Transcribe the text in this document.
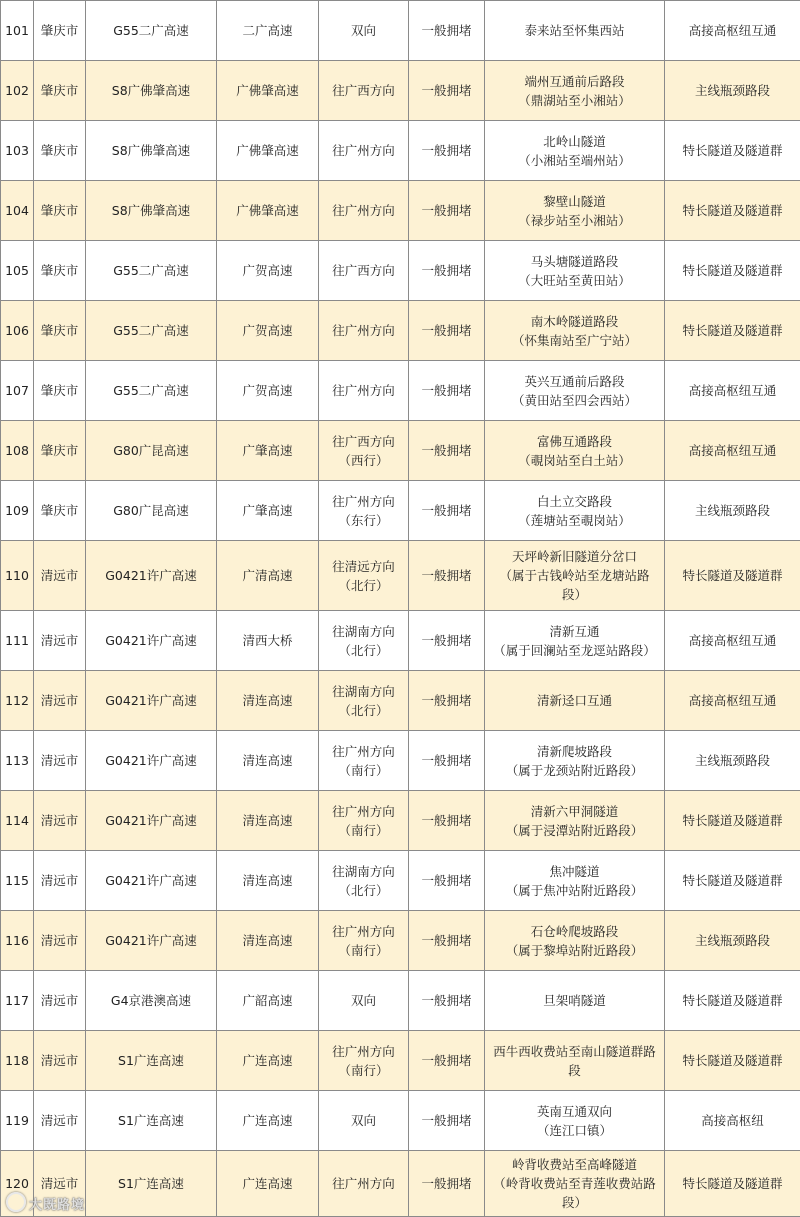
101	肇庆市	G55二广高速	二广高速	双向	一般拥堵	泰来站至怀集西站	高接高枢纽互通
102	肇庆市	S8广佛肇高速	广佛肇高速	往广西方向	一般拥堵	端州互通前后路段
（鼎湖站至小湘站）	主线瓶颈路段
103	肇庆市	S8广佛肇高速	广佛肇高速	往广州方向	一般拥堵	北岭山隧道
（小湘站至端州站）	特长隧道及隧道群
104	肇庆市	S8广佛肇高速	广佛肇高速	往广州方向	一般拥堵	黎壁山隧道
（禄步站至小湘站）	特长隧道及隧道群
105	肇庆市	G55二广高速	广贺高速	往广西方向	一般拥堵	马头塘隧道路段
（大旺站至黄田站）	特长隧道及隧道群
106	肇庆市	G55二广高速	广贺高速	往广州方向	一般拥堵	南木岭隧道路段
（怀集南站至广宁站）	特长隧道及隧道群
107	肇庆市	G55二广高速	广贺高速	往广州方向	一般拥堵	英兴互通前后路段
（黄田站至四会西站）	高接高枢纽互通
108	肇庆市	G80广昆高速	广肇高速	往广西方向
（西行）	一般拥堵	富佛互通路段
（覗岗站至白土站）	高接高枢纽互通
109	肇庆市	G80广昆高速	广肇高速	往广州方向
（东行）	一般拥堵	白土立交路段
（莲塘站至覗岗站）	主线瓶颈路段
110	清远市	G0421许广高速	广清高速	往清远方向
（北行）	一般拥堵	天坪岭新旧隧道分岔口
（属于古钱岭站至龙塘站路
段）	特长隧道及隧道群
111	清远市	G0421许广高速	清西大桥	往湖南方向
（北行）	一般拥堵	清新互通
（属于回澜站至龙逕站路段）	高接高枢纽互通
112	清远市	G0421许广高速	清连高速	往湖南方向
（北行）	一般拥堵	清新迳口互通	高接高枢纽互通
113	清远市	G0421许广高速	清连高速	往广州方向
（南行）	一般拥堵	清新爬坡路段
（属于龙颈站附近路段）	主线瓶颈路段
114	清远市	G0421许广高速	清连高速	往广州方向
（南行）	一般拥堵	清新六甲洞隧道
（属于浸潭站附近路段）	特长隧道及隧道群
115	清远市	G0421许广高速	清连高速	往湖南方向
（北行）	一般拥堵	焦冲隧道
（属于焦冲站附近路段）	特长隧道及隧道群
116	清远市	G0421许广高速	清连高速	往广州方向
（南行）	一般拥堵	石仓岭爬坡路段
（属于黎埠站附近路段）	主线瓶颈路段
117	清远市	G4京港澳高速	广韶高速	双向	一般拥堵	旦架哨隧道	特长隧道及隧道群
118	清远市	S1广连高速	广连高速	往广州方向
（南行）	一般拥堵	西牛西收费站至南山隧道群路
段	特长隧道及隧道群
119	清远市	S1广连高速	广连高速	双向	一般拥堵	英南互通双向
（连江口镇）	高接高枢纽
120	清远市	S1广连高速	广连高速	往广州方向	一般拥堵	岭背收费站至高峰隧道
（岭背收费站至青莲收费站路
段）	特长隧道及隧道群
大既路境
